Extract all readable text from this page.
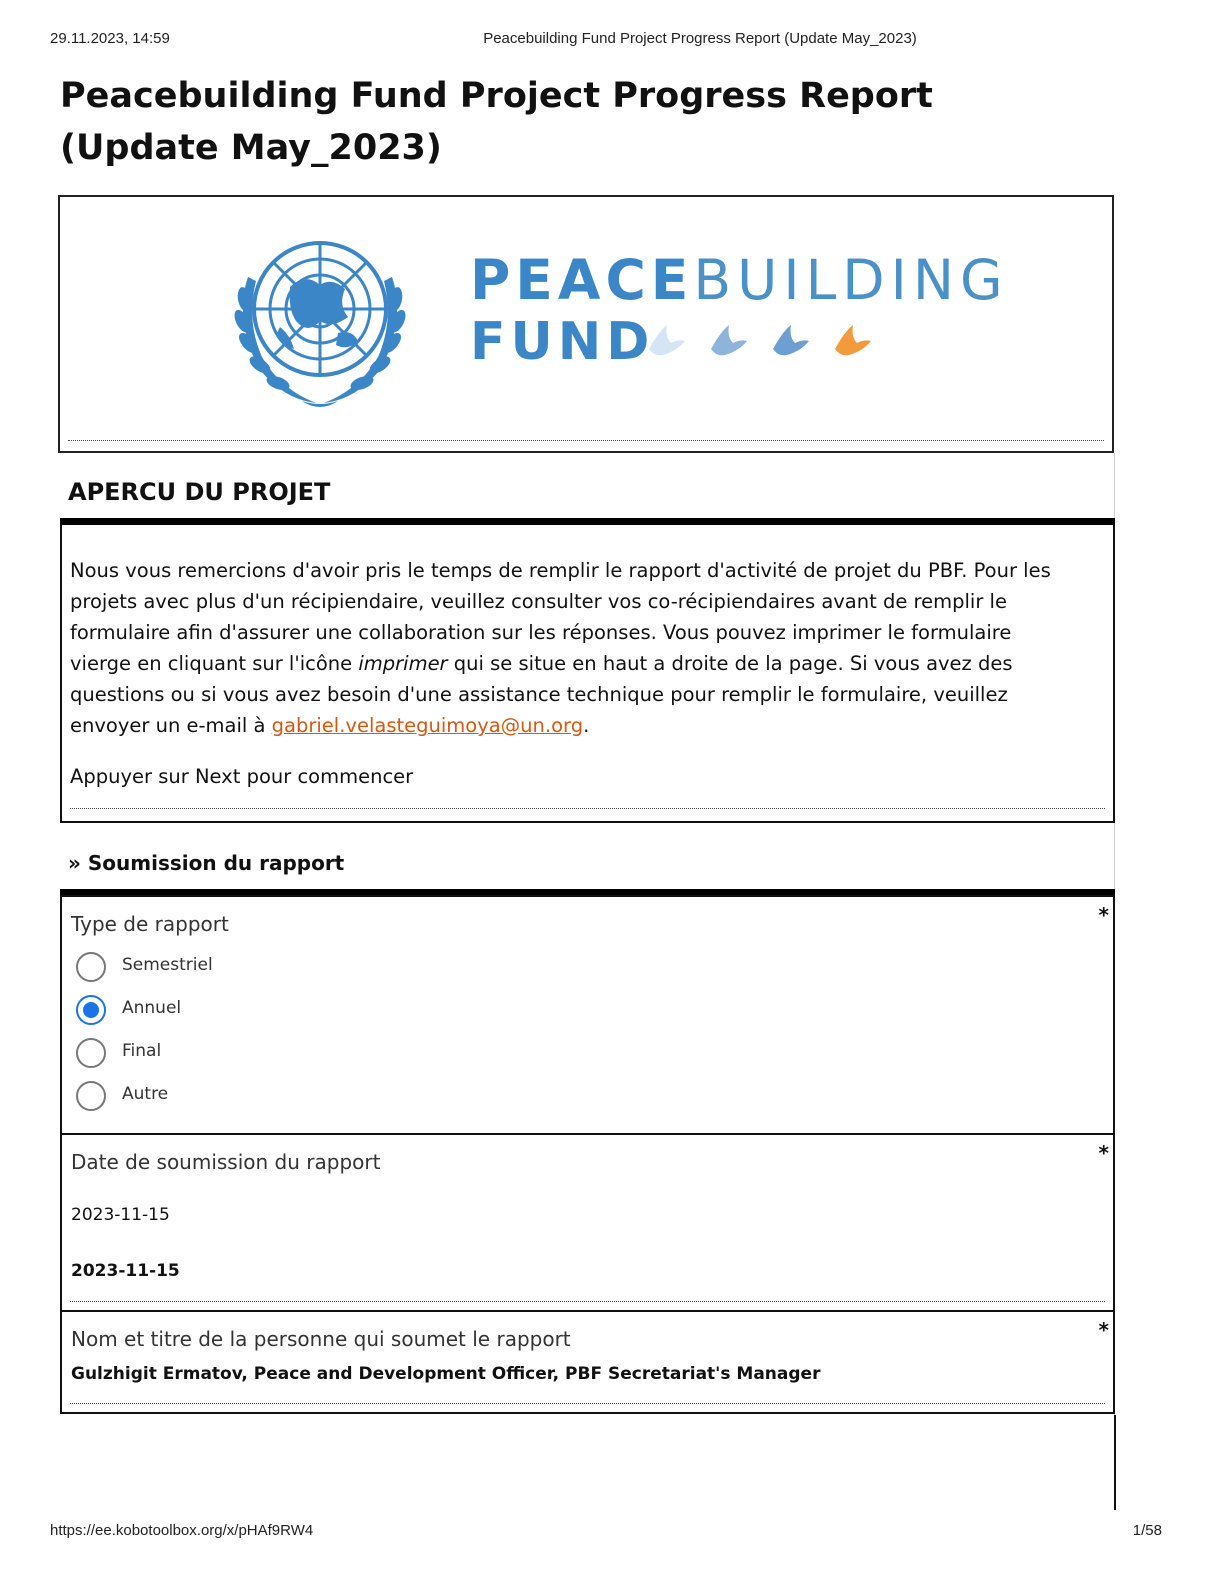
29.11.2023, 14:59	Peacebuilding Fund Project Progress Report (Update May_2023)
Peacebuilding Fund Project Progress Report (Update May_2023)
PEACEBUILDING
FUND
APERCU DU PROJET

Nous vous remercions d'avoir pris le temps de remplir le rapport d'activité de projet du PBF. Pour les projets avec plus d'un récipiendaire, veuillez consulter vos co-récipiendaires avant de remplir le formulaire afin d'assurer une collaboration sur les réponses. Vous pouvez imprimer le formulaire vierge en cliquant sur l'icône imprimer qui se situe en haut a droite de la page. Si vous avez des questions ou si vous avez besoin d'une assistance technique pour remplir le formulaire, veuillez envoyer un e-mail à gabriel.velasteguimoya@un.org.

Appuyer sur Next pour commencer

» Soumission du rapport
Type de rapport	*
Semestriel
Annuel
Final
Autre
Date de soumission du rapport	*
2023-11-15
2023-11-15
Nom et titre de la personne qui soumet le rapport	*
Gulzhigit Ermatov, Peace and Development Officer, PBF Secretariat's Manager
https://ee.kobotoolbox.org/x/pHAf9RW4	1/58
